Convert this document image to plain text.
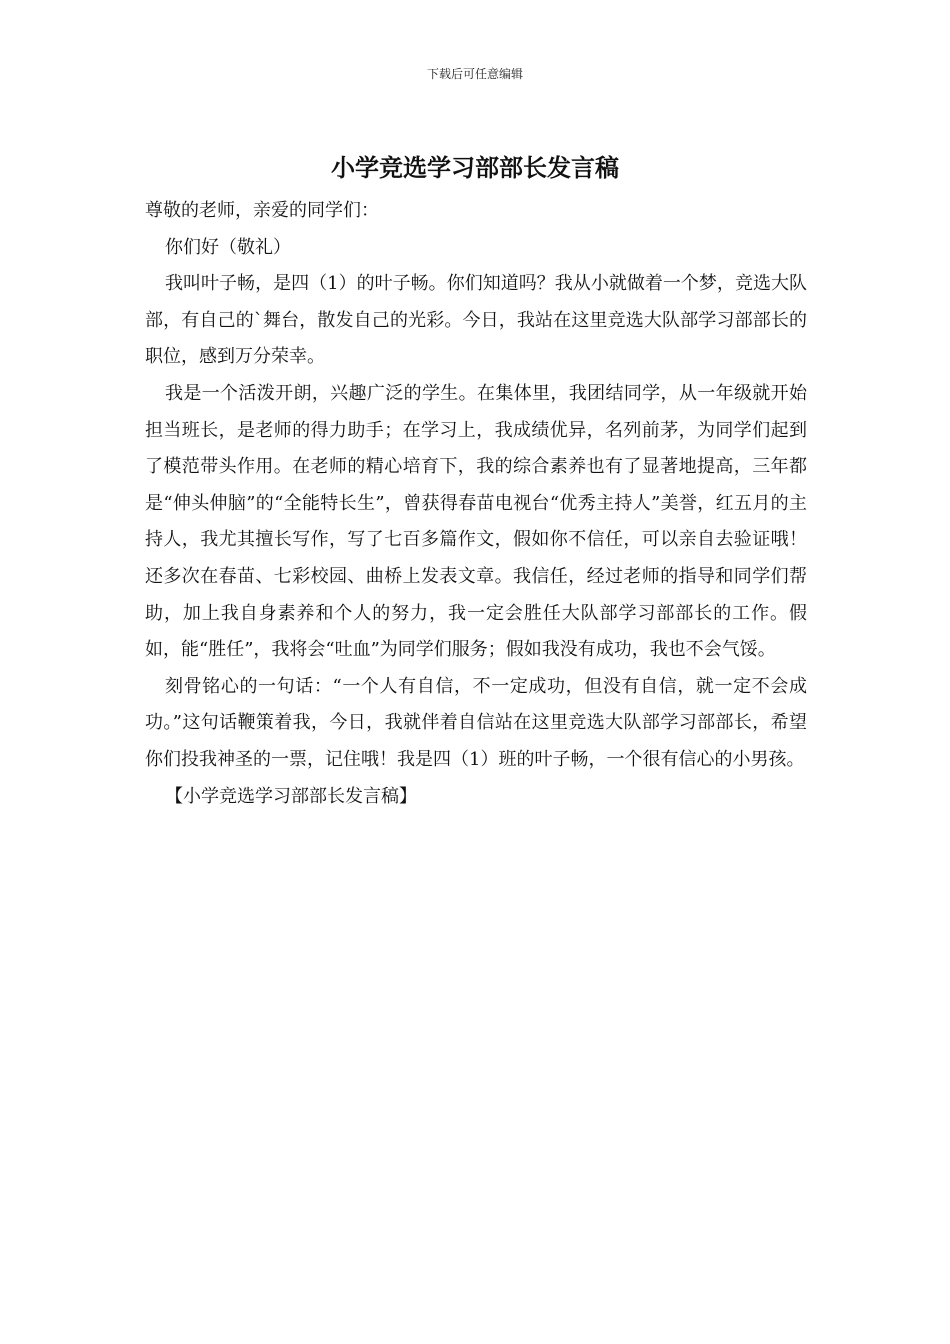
下载后可任意编辑
小学竞选学习部部长发言稿

尊敬的老师，亲爱的同学们：

你们好（敬礼）

我叫叶子畅，是四（1）的叶子畅。你们知道吗？我从小就做着一个梦，竞选大队部，有自己的`舞台，散发自己的光彩。今日，我站在这里竞选大队部学习部部长的职位，感到万分荣幸。

我是一个活泼开朗，兴趣广泛的学生。在集体里，我团结同学，从一年级就开始担当班长，是老师的得力助手；在学习上，我成绩优异，名列前茅，为同学们起到了模范带头作用。在老师的精心培育下，我的综合素养也有了显著地提高，三年都是“伸头伸脑”的“全能特长生”，曾获得春苗电视台“优秀主持人”美誉，红五月的主持人，我尤其擅长写作，写了七百多篇作文，假如你不信任，可以亲自去验证哦！还多次在春苗、七彩校园、曲桥上发表文章。我信任，经过老师的指导和同学们帮助，加上我自身素养和个人的努力，我一定会胜任大队部学习部部长的工作。假如，能“胜任”，我将会“吐血”为同学们服务；假如我没有成功，我也不会气馁。

刻骨铭心的一句话：“一个人有自信，不一定成功，但没有自信，就一定不会成功。”这句话鞭策着我，今日，我就伴着自信站在这里竞选大队部学习部部长，希望你们投我神圣的一票，记住哦！我是四（1）班的叶子畅，一个很有信心的小男孩。

【小学竞选学习部部长发言稿】
